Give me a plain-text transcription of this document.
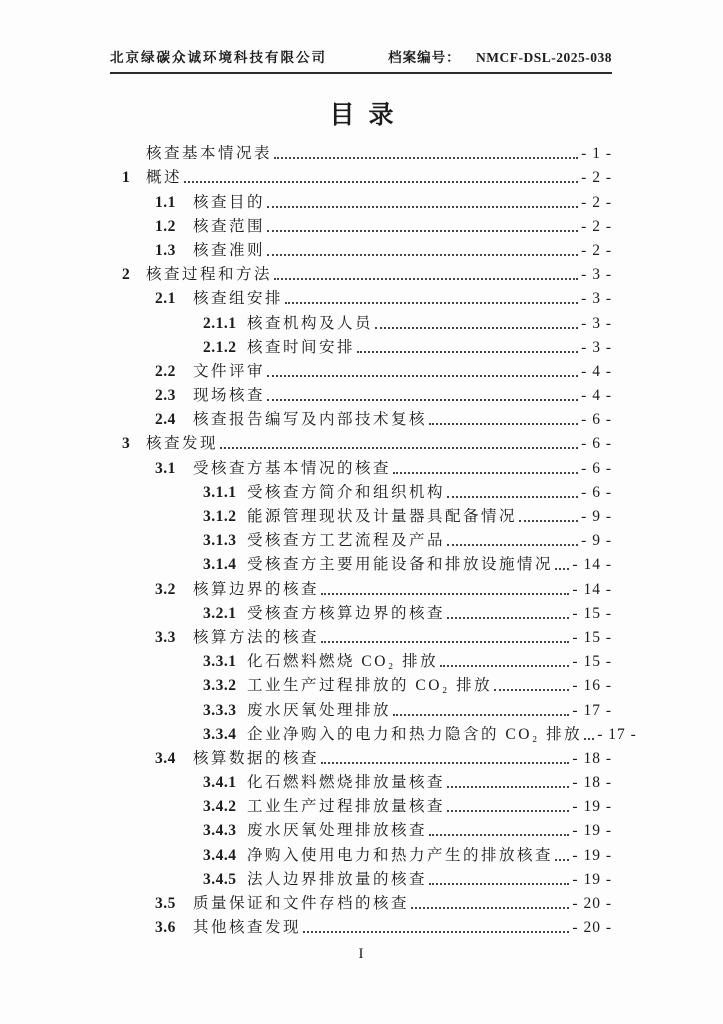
北京绿碳众诚环境科技有限公司	档案编号： NMCF-DSL-2025-038
目录
核查基本情况表	- 1 -
1	概述	- 2 -
1.1	核查目的	- 2 -
1.2	核查范围	- 2 -
1.3	核查准则	- 2 -
2	核查过程和方法	- 3 -
2.1	核查组安排	- 3 -
2.1.1 核查机构及人员	- 3 -
2.1.2 核查时间安排	- 3 -
2.2	文件评审	- 4 -
2.3	现场核查	- 4 -
2.4	核查报告编写及内部技术复核	- 6 -
3	核查发现	- 6 -
3.1	受核查方基本情况的核查	- 6 -
3.1.1 受核查方简介和组织机构	- 6 -
3.1.2 能源管理现状及计量器具配备情况	- 9 -
3.1.3 受核查方工艺流程及产品	- 9 -
3.1.4 受核查方主要用能设备和排放设施情况 - 14 -
3.2	核算边界的核查	- 14 -
3.2.1 受核查方核算边界的核查	- 15 -
3.3	核算方法的核查	- 15 -
3.3.1 化石燃料燃烧 CO₂ 排放	- 15 -
3.3.2 工业生产过程排放的 CO₂ 排放	- 16 -
3.3.3 废水厌氧处理排放	- 17 -
3.3.4 企业净购入的电力和热力隐含的 CO₂ 排放 - 17 -
3.4	核算数据的核查	- 18 -
3.4.1 化石燃料燃烧排放量核查	- 18 -
3.4.2 工业生产过程排放量核查	- 19 -
3.4.3 废水厌氧处理排放核查	- 19 -
3.4.4 净购入使用电力和热力产生的排放核查 - 19 -
3.4.5 法人边界排放量的核查	- 19 -
3.5	质量保证和文件存档的核查	- 20 -
3.6	其他核查发现	- 20 -
I
